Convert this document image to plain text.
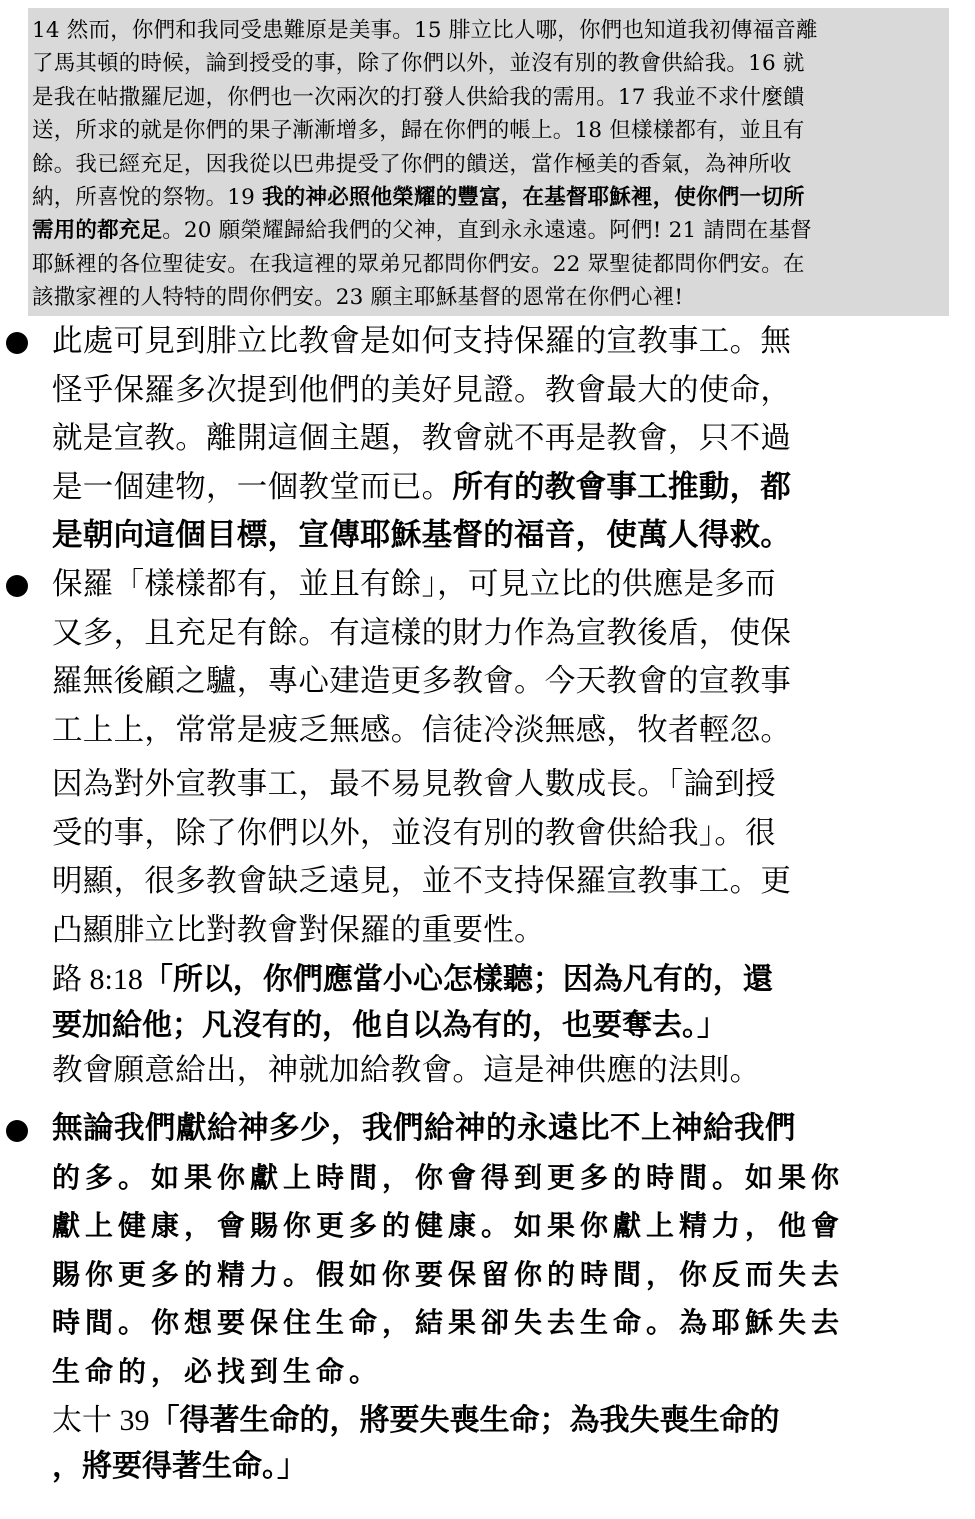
14 然而，你們和我同受患難原是美事。15 腓立比人哪，你們也知道我初傳福音離
了馬其頓的時候，論到授受的事，除了你們以外，並沒有別的教會供給我。16 就
是我在帖撒羅尼迦，你們也一次兩次的打發人供給我的需用。17 我並不求什麼饋
送，所求的就是你們的果子漸漸增多，歸在你們的帳上。18 但樣樣都有，並且有
餘。我已經充足，因我從以巴弗提受了你們的饋送，當作極美的香氣，為神所收
納，所喜悅的祭物。19 我的神必照他榮耀的豐富，在基督耶穌裡，使你們一切所
需用的都充足。20 願榮耀歸給我們的父神，直到永永遠遠。阿們! 21 請問在基督
耶穌裡的各位聖徒安。在我這裡的眾弟兄都問你們安。22 眾聖徒都問你們安。在
該撒家裡的人特特的問你們安。23 願主耶穌基督的恩常在你們心裡!
此處可見到腓立比教會是如何支持保羅的宣教事工。無
怪乎保羅多次提到他們的美好見證。教會最大的使命，
就是宣教。離開這個主題，教會就不再是教會，只不過
是一個建物，一個教堂而已。所有的教會事工推動，都
是朝向這個目標，宣傳耶穌基督的福音，使萬人得救。
保羅「樣樣都有，並且有餘」，可見立比的供應是多而
又多，且充足有餘。有這樣的財力作為宣教後盾，使保
羅無後顧之驢，專心建造更多教會。今天教會的宣教事
工上上，常常是疲乏無感。信徒冷淡無感，牧者輕忽。
因為對外宣教事工，最不易見教會人數成長。「論到授
受的事，除了你們以外，並沒有別的教會供給我」。很
明顯，很多教會缺乏遠見，並不支持保羅宣教事工。更
凸顯腓立比對教會對保羅的重要性。
路 8:18「所以，你們應當小心怎樣聽；因為凡有的，還
要加給他；凡沒有的，他自以為有的，也要奪去。」
教會願意給出，神就加給教會。這是神供應的法則。
無論我們獻給神多少，我們給神的永遠比不上神給我們
的多。如果你獻上時間，你會得到更多的時間。如果你
獻上健康，會賜你更多的健康。如果你獻上精力，他會
賜你更多的精力。假如你要保留你的時間，你反而失去
時間。你想要保住生命，結果卻失去生命。為耶穌失去
生命的，必找到生命。
太十 39「得著生命的，將要失喪生命；為我失喪生命的
，將要得著生命。」
